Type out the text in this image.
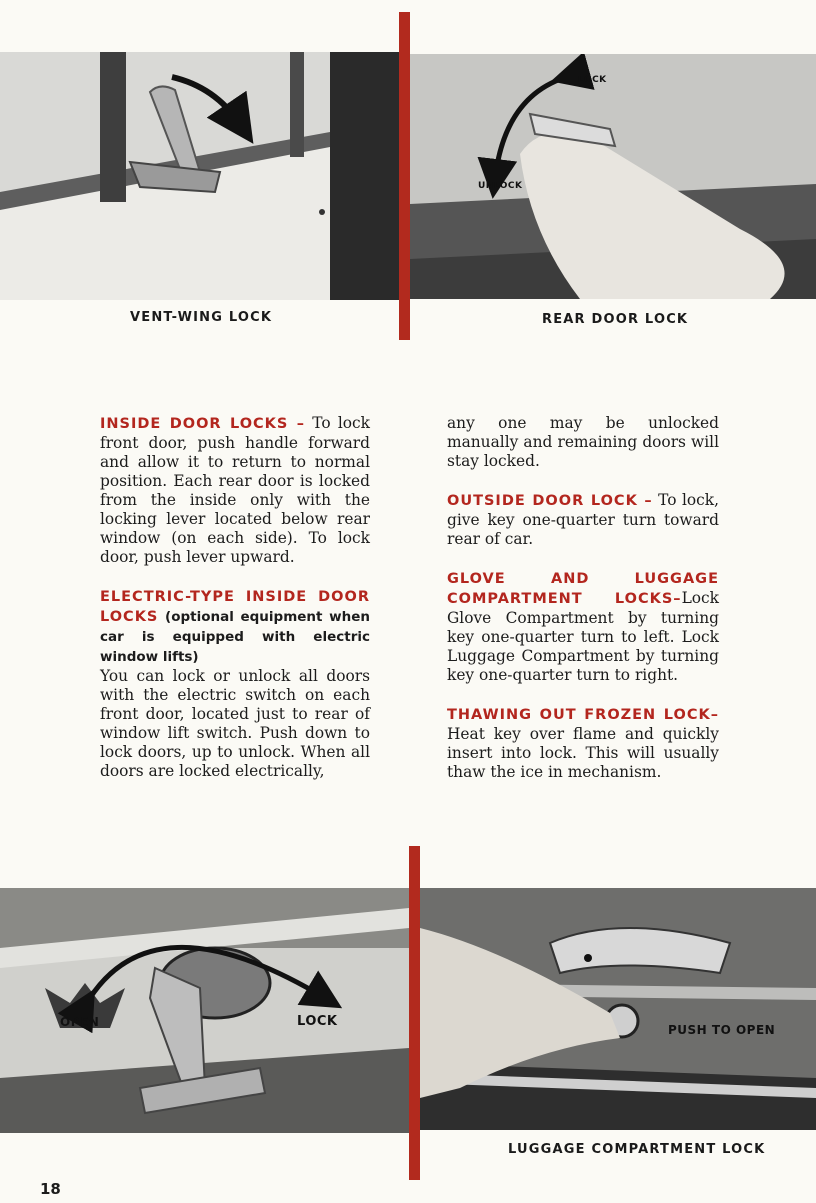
VENT-WING LOCK
LOCK
UNLOCK
REAR DOOR LOCK

INSIDE DOOR LOCKS – To lock front door, push handle forward and allow it to return to normal position. Each rear door is locked from the inside only with the locking lever located below rear window (on each side). To lock door, push lever upward.

ELECTRIC-TYPE INSIDE DOOR LOCKS (optional equipment when car is equipped with electric window lifts)

You can lock or unlock all doors with the electric switch on each front door, located just to rear of window lift switch. Push down to lock doors, up to unlock. When all doors are locked electrically,

any one may be unlocked manually and remaining doors will stay locked.

OUTSIDE DOOR LOCK – To lock, give key one-quarter turn toward rear of car.

GLOVE AND LUGGAGE COMPARTMENT LOCKS–Lock Glove Compartment by turning key one-quarter turn to left. Lock Luggage Compartment by turning key one-quarter turn to right.

THAWING OUT FROZEN LOCK– Heat key over flame and quickly insert into lock. This will usually thaw the ice in mechanism.

OPEN	LOCK
PUSH TO OPEN
LUGGAGE COMPARTMENT LOCK
18
